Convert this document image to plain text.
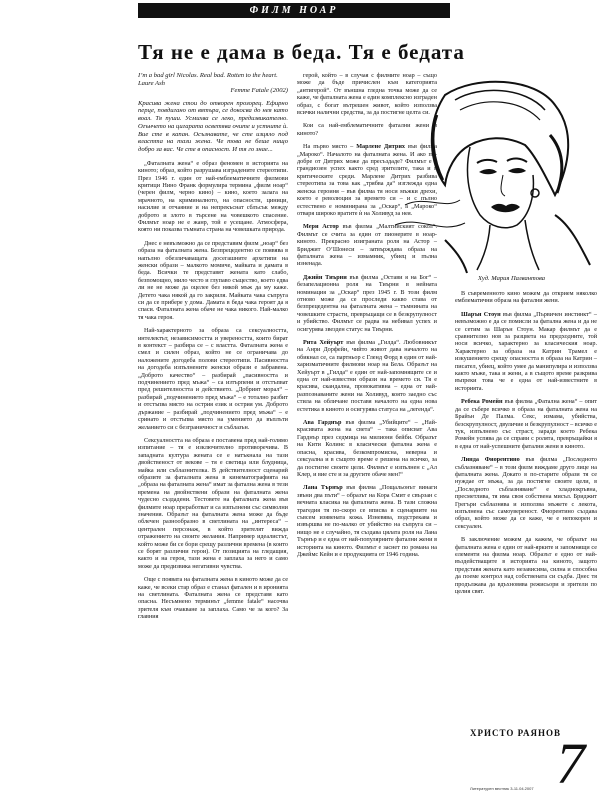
ФИЛМ НОАР
Тя не е дама в беда. Тя е бедата
I’m a bad girl Nicolas. Real bad. Rotten to the heart.
Laure Ash
Femme Fatale (2002)
Красива жена стои до отворен прозорец. Ефирно перце, повдигано от вятъра, се докосва до нея като воал. Тя пуши. Усмихва се леко, предизвикателно. Огънчето на цигарата осветява очите и устните ѝ. Вие сте в капан. Осъзнавате, че сте изцяло под властта на тази жена. Че това не беше нищо добро за вас. Че сте в опасност. И тя го знае...

„Фаталната жена“ е образ феномен в историята на киното; образ, който разрушава изградените стереотипи. През 1946 г. един от най-емблематичните филмови критици Нино Франк формулира термина „филм ноар“ (черен филм, черно кино) – кино, което залага на мрачното, на криминалното, на опасности, циници, насилие и отчаяние и на непрекъснат сблъсък между доброто и злото в търсене на човешкото спасение. Филмът ноар не е жанр, той е усещане. Атмосфера, която ни показва тъмната страна на човешката природа.

Днес е невъзможно да се представим филм „ноар“ без образа на фаталната жена. Безпрецедентно се появява в напълно обезличаващата досегашните архетипи на женски образи – малкото момиче, майката и дамата в беда. Всички те представят жената като слабо, безпомощно, мило често и глупаво същество, което едва ли не не може да оцелее без някой мъж да му каже. Детето чака някой да го закриля. Майката чака съпруга си да се прибере у дома. Дамата в беда чака героят да я спаси. Фаталната жена обаче не чака никого. Най-малко тя чака героя.

Най-характерното за образа са сексуалността, интелектът, независимостта и увереността, които бират в контекст – разбира се – с властта. Фаталната жена е смел и силен образ, който не се ограничава до наложените догодеба полови стереотипи. Пасивността на догодеба изпълнените женски образи е забравена. „Доброто качество“ – разбирай „пасивността и подчинението пред мъжа“ – са изтърпени и отстъпват пред решителността и действието. „Добрият морал“ – разбирай „подчинението пред мъжа“ – е тотално разбит и отстъпва място на острия език и острия ум. Доброто държание – разбирай „подчинението пред мъжа“ – е сринато и отстъпва място на умението да въплъти желанието си с безграничност и съблазън.

Сексуалността на образа е поставена пред най-голямо изпитание – тя е изключително противоречива. В западната култура жената се е натъкнала на тази двойственост от векове – тя е светица или блудница, майка или съблазнителка. В действителност сценарий образите за фаталната жена в кинематографията на „образа на фаталната жена“ имат за фатална жена в тези времена на двойнствени образи на фаталната жена чудесно създадени. Тестовете на фаталната жена във филмите ноар преработват и са изпълнени със символни значения. Образът на фаталната жена може да бъде облечен разнообразно в светлината на „интереса“ – централен персонаж, в който зрителят вижда отражението на своите желания. Например идеалистът, който може би се бори срещу различни времена (в които се борят различни герои). От позицията на гледащия, както и на героя, тази жена е заплаха за него и само може да предизвика негативни чувства.

Още с появата на фаталната жена в киното може да се каже, че всеки стар образ е станал фатален и в иронията на светлината. Фаталната жена се представя като опасна. Несъмнено терминът „femme fatale“ насочва зрителя към очакване за заплаха. Само че за кого? За главния

герой, който – в случая с филмите ноар – също може да бъде причислен към категорията „антигерой“. От външна гледна точка може да се каже, че фаталната жена е един комплексно изграден образ, с богат вътрешен живот, който използва всички налични средства, за да постигне целта си.

Кои са най-емблематичните фатални жени в киното?

На първо място – Марлене Дитрих във филма „Мароко“. Началото на фаталната жена. И ако по-добре от Дитрих може да пресъздаде? Филмът е с грандиозен успех както сред зрителите, така и в критическите среди. Марлене Дитрих разбива стереотипа за това как „трябва да“ изглежда една женска героиня – във филма тя носи мъжки дрехи, което е революция за времето си – и с пълно естествено е номинирана за „Оскар“, а „Мароко“ отваря широко вратите ѝ на Холивуд за нея.

Мери Астор във филма „Малтийският сокол“. Филмът се счита за един от пионерите в ноар-киното. Прекрасно изиграната роля на Астор – Бриджит О’Шонеси – затвърждава образа на фаталната жена – измамник, убиец и пълна изненада.

Джийн Тиърни във филма „Остави я на Бог“ – безапелационна роля на Тиърни в нейната номинация за „Оскар“ през 1945 г. В този филм отново може да се проследи какво става от безпрецедентна на фаталната жена – тъмнината на човешките страсти, превръщащи се в безкрупулност и убийство. Филмът се радва на небивал успех и осигурява звезден статус на Тиърни.

Рита Хейуърт във филма „Гилда“. Любовникът на Анри Дорфейн, чийто живот дава началото на обикнал се, са партньор с Гленд Форд в един от най-харизматичните филмови ноар на Бела. Образът на Хейуърт в „Гилда“ е един от най-запомнящите се и една от най-известни образи на времето си. Тя е красива, скандална, провокативна – една от най-разпознаваните жени на Холивуд, която заедно със стила на обличане поставя началото на една нова естетика в киното и осигурява статуса на „легенда“.

Ава Гарднър във филма „Убийците“ – „Най-красивата жена на света“ – така описват Ава Гарднър през седмица на милиони бейби. Образът на Кити Колинс в класически фатална жена е опасна, красива, безкомпромисна, неверна и сексуална и в същото време е решена на всичко, за да постигне своите цели. Филмът е изпълнен с „Ал Клер, и вие сте и за другите обаче мен!“

Лана Търнър във филма „Пощальонът винаги звъни два пъти“ – образът на Кора Смит е свързан с вечната класика на фаталната жена. В тази сложна трагедия тя по-скоро се вписва в сценариите на съвсем изявената кожа. Изневява, подстрекава и извършва не по-малко от убийство на съпруга си – нищо не е случайно, тя създава цялата роля на Лана Търнър и е една от най-популярните фатални жени в историята на киното. Филмът е заснет по романа на Джеймс Кейн и е продукцията от 1946 година.

Худ. Мария Палвантова

В съвременното кино можем да открием няколко емблематични образа на фатални жени.

Шарън Стоун във филма „Първичен инстинкт“ – невъзможно е да се помисли за фатална жена и да не се сетим за Шарън Стоун. Макар филмът да е сравнително нов за разцвета на предходните, той носи всичко, характерно за класическия ноар. Характерно за образа на Катрин Трамел е изкушението срещу опасността в образа на Катрин – писател, убиец, който умее да манипулира и използва както мъже, така и жени, а в същото време разкрива въпреки това че е една от най-известните в историята.

Ребека Ромейн във филма „Фатална жена“ – опит да се събере всичко в образа на фаталната жена на Брайън Де Палма. Секс, измама, убийства, безскрупулност, двуличие и безкрупулност – всичко е тук, изпълнено със страст, заради което Ребека Ромейн успява да се справи с ролята, превръщайки я в една от най-успешните фатални жени в киното.

Линда Фиорентино във филма „Последното съблазняване“ – в този филм виждаме друго лице на фаталната жена. Докато в по-старите образи тя се нуждае от мъжа, за да постигне своите цели, в „Последното съблазняване“ е хладнокръвна, пресметлива, тя има своя собствена мисъл. Бриджит Грегъри съблазнява и използва мъжете с лекота, изпълнена със самоувереност. Фиорентино създава образ, който може да се каже, че е непокорен и сексуален.

В заключение можем да кажем, че образът на фаталната жена е един от най-ярките и запомнящи се елементи на филма ноар. Образът е едно от най-въздействащите в историята на киното, защото представя жената като независима, силна и способна да поеме контрол над собствената си съдба. Днес тя продължава да вдъхновява режисьори и зрители по целия свят.

ХРИСТО РАЯНОВ
7
Литературен вестник 3-11.04.2007
